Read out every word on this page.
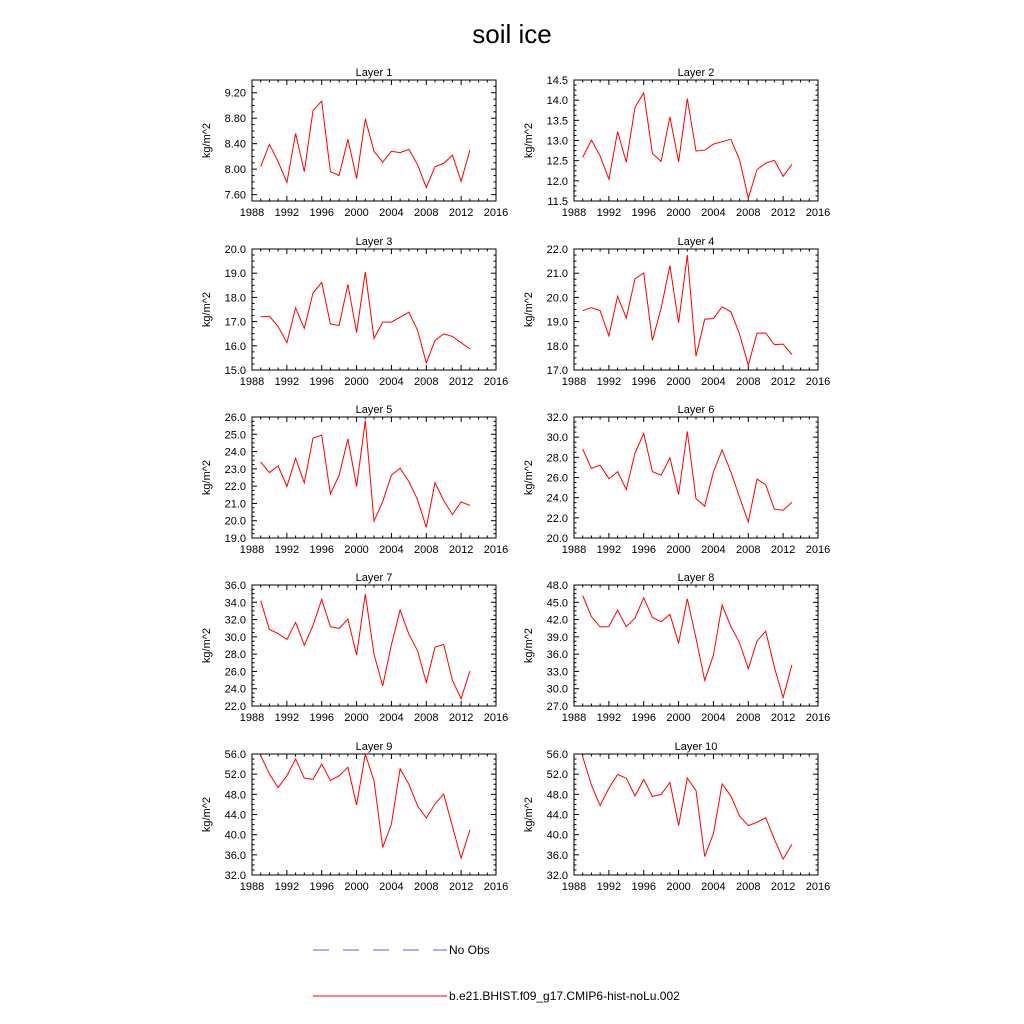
soil ice
Layer 1
kg/m^2
1988 1992 1996 2000 2004 2008 2012 2016
7.60
8.00
8.40
8.80
9.20
Layer 2
kg/m^2
1988 1992 1996 2000 2004 2008 2012 2016
11.5
12.0
12.5
13.0
13.5
14.0
14.5
Layer 3
kg/m^2
1988 1992 1996 2000 2004 2008 2012 2016
15.0
16.0
17.0
18.0
19.0
20.0
Layer 4
kg/m^2
1988 1992 1996 2000 2004 2008 2012 2016
17.0
18.0
19.0
20.0
21.0
22.0
Layer 5
kg/m^2
1988 1992 1996 2000 2004 2008 2012 2016
19.0
20.0
21.0
22.0
23.0
24.0
25.0
26.0
Layer 6
kg/m^2
1988 1992 1996 2000 2004 2008 2012 2016
20.0
22.0
24.0
26.0
28.0
30.0
32.0
Layer 7
kg/m^2
1988 1992 1996 2000 2004 2008 2012 2016
22.0
24.0
26.0
28.0
30.0
32.0
34.0
36.0
Layer 8
kg/m^2
1988 1992 1996 2000 2004 2008 2012 2016
27.0
30.0
33.0
36.0
39.0
42.0
45.0
48.0
Layer 9
kg/m^2
1988 1992 1996 2000 2004 2008 2012 2016
32.0
36.0
40.0
44.0
48.0
52.0
56.0
Layer 10
kg/m^2
1988 1992 1996 2000 2004 2008 2012 2016
32.0
36.0
40.0
44.0
48.0
52.0
56.0
No Obs
b.e21.BHIST.f09_g17.CMIP6-hist-noLu.002
